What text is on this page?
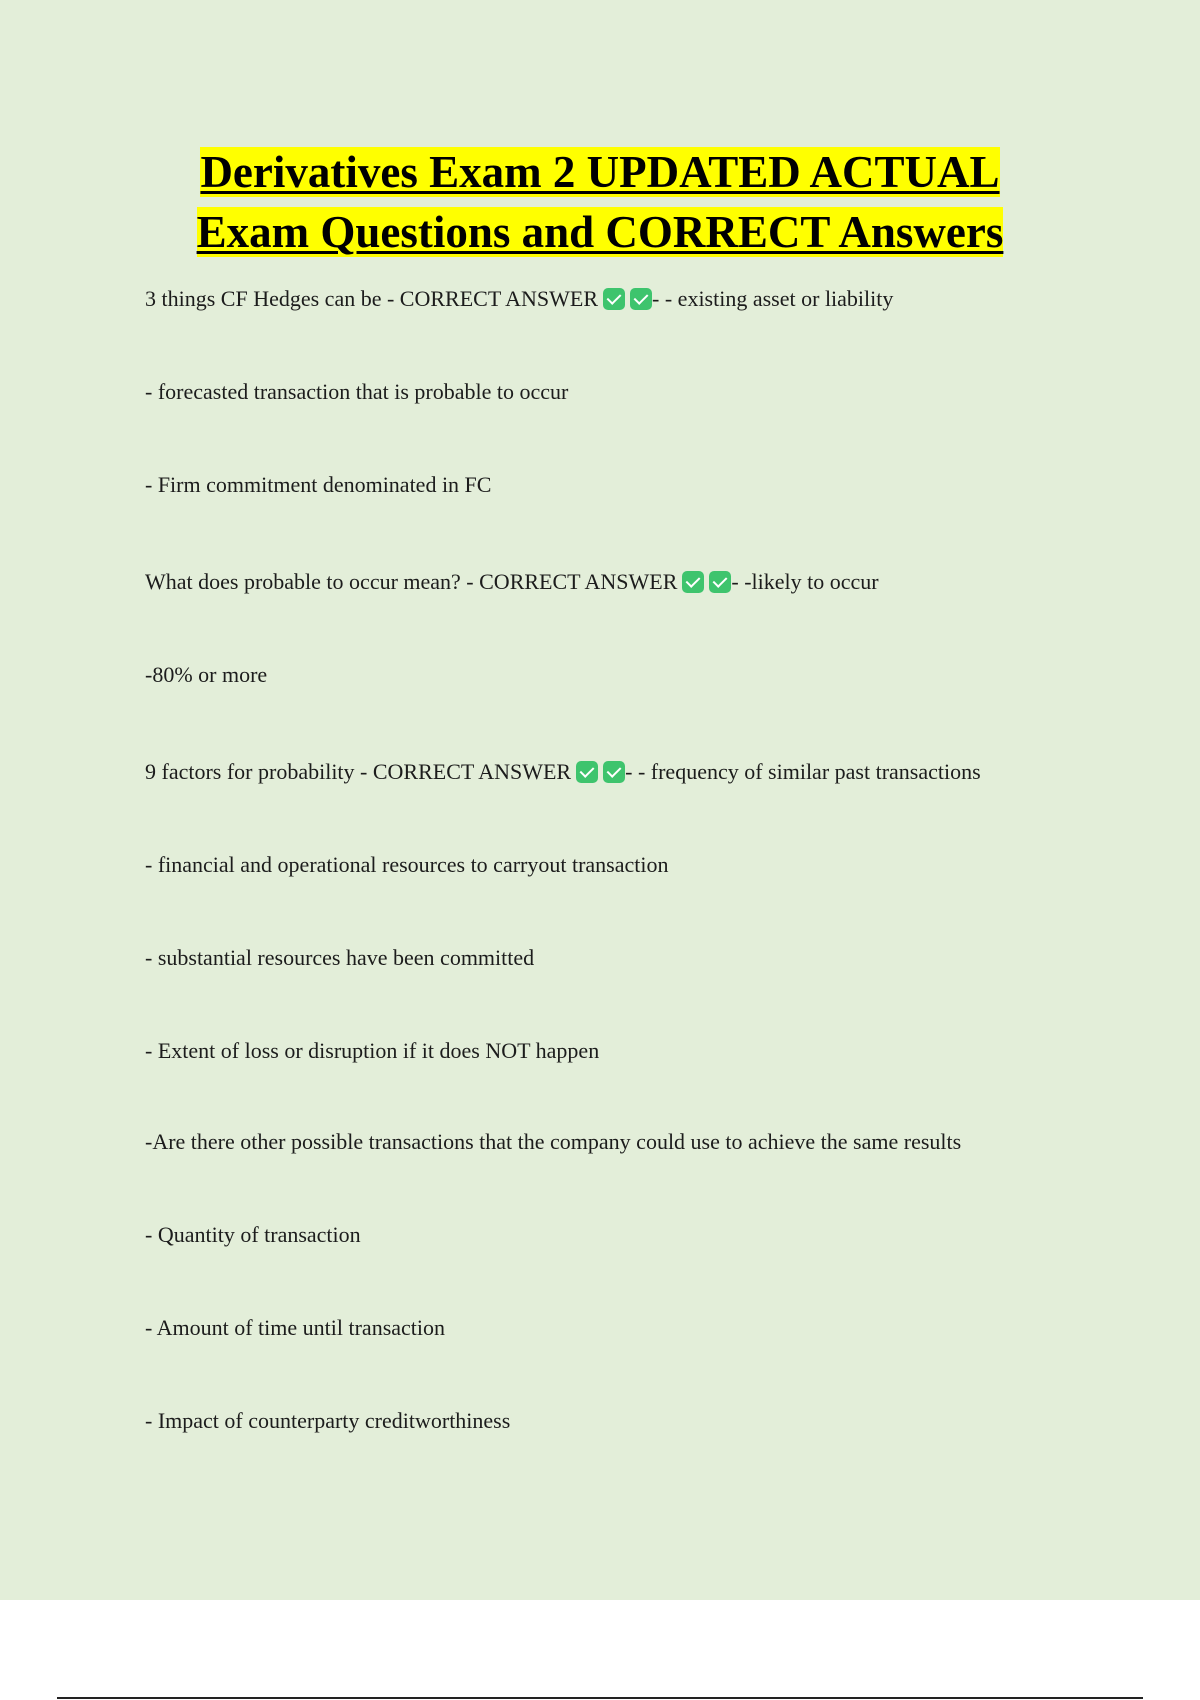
Derivatives Exam 2 UPDATED ACTUAL
Exam Questions and CORRECT Answers
3 things CF Hedges can be - CORRECT ANSWER - - existing asset or liability
- forecasted transaction that is probable to occur
- Firm commitment denominated in FC
What does probable to occur mean? - CORRECT ANSWER - -likely to occur
-80% or more
9 factors for probability - CORRECT ANSWER - - frequency of similar past transactions
- financial and operational resources to carryout transaction
- substantial resources have been committed
- Extent of loss or disruption if it does NOT happen
-Are there other possible transactions that the company could use to achieve the same results
- Quantity of transaction
- Amount of time until transaction
- Impact of counterparty creditworthiness
